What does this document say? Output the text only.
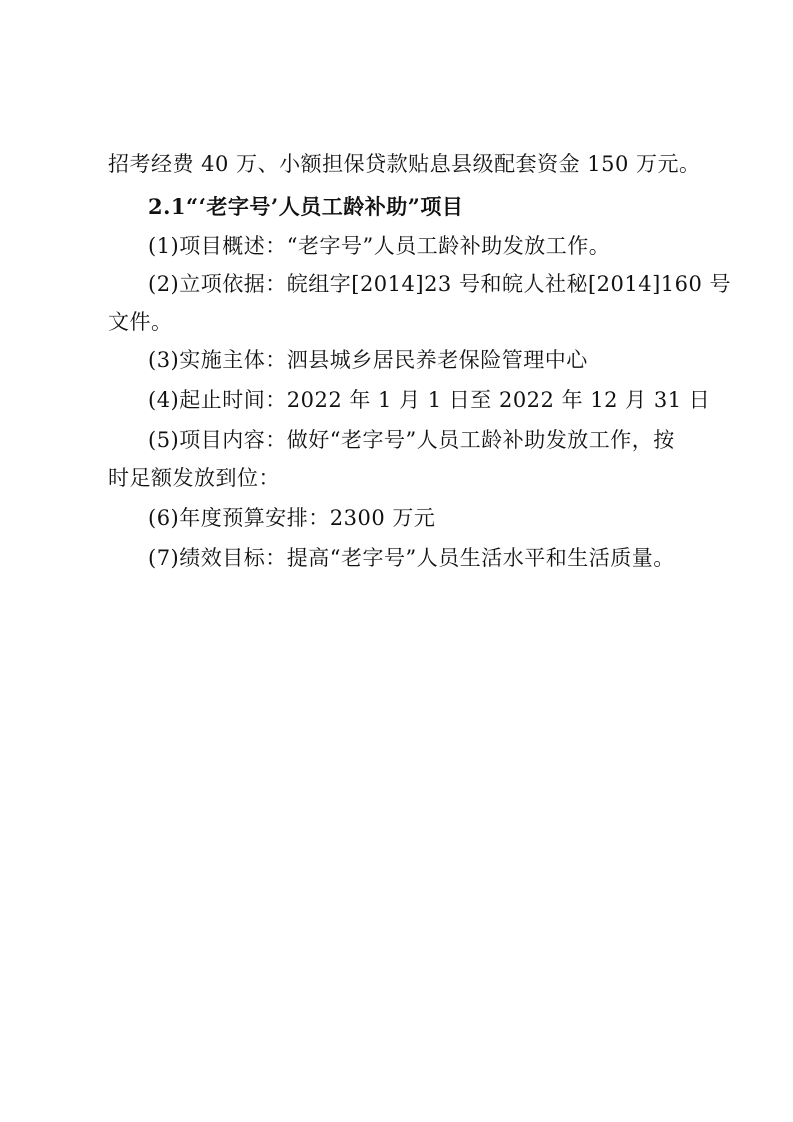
招考经费 40 万、小额担保贷款贴息县级配套资金 150 万元。
2.1“‘老字号’人员工龄补助”项目
(1)项目概述：“老字号”人员工龄补助发放工作。
(2)立项依据：皖组字[2014]23 号和皖人社秘[2014]160 号
文件。
(3)实施主体：泗县城乡居民养老保险管理中心
(4)起止时间：2022 年 1 月 1 日至 2022 年 12 月 31 日
(5)项目内容：做好“老字号”人员工龄补助发放工作，按
时足额发放到位：
(6)年度预算安排：2300 万元
(7)绩效目标：提高“老字号”人员生活水平和生活质量。
